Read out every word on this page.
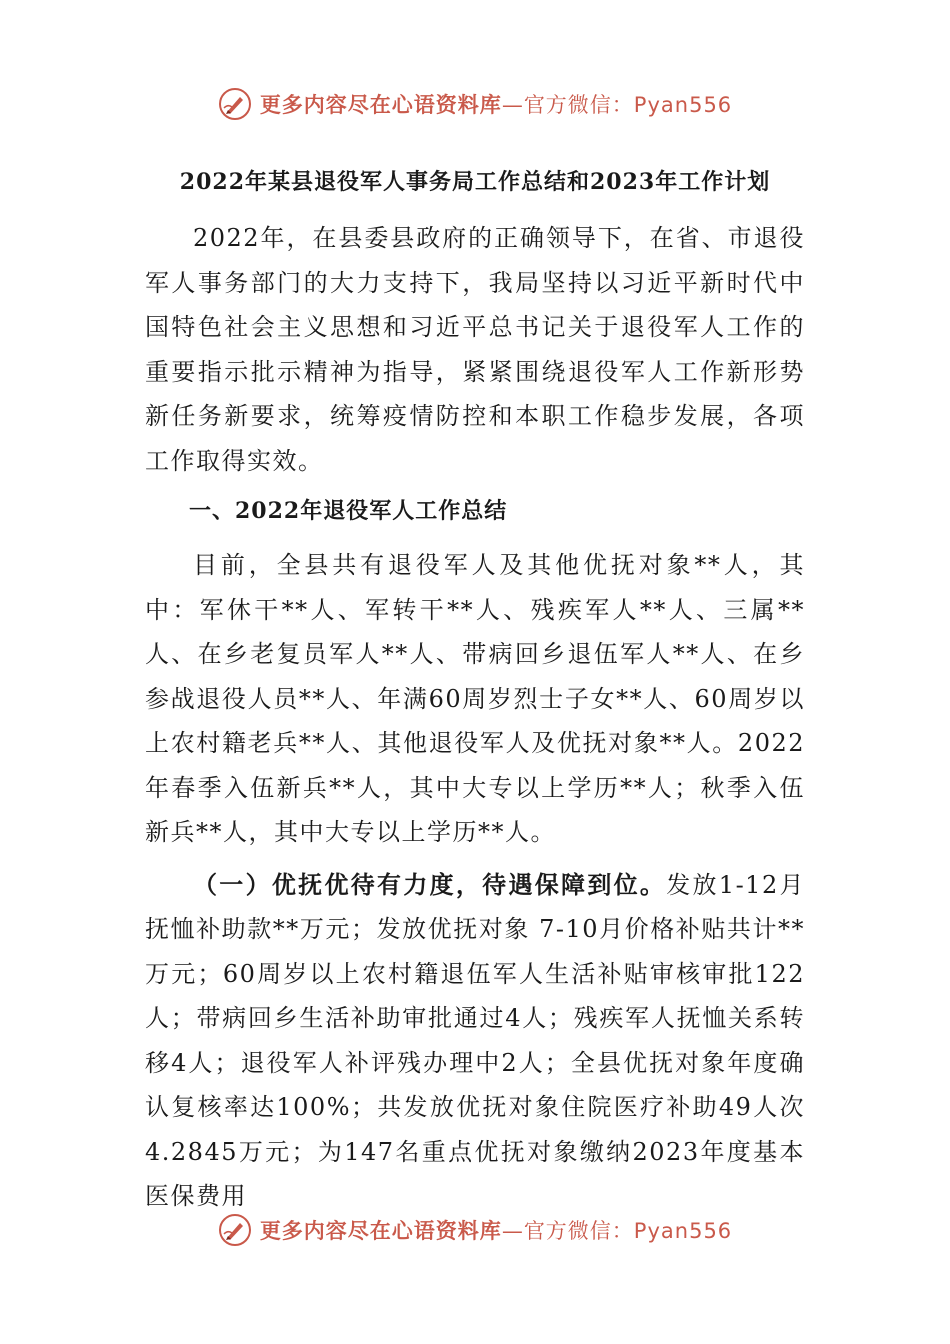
更多内容尽在心语资料库—官方微信：Pyan556
2022年某县退役军人事务局工作总结和2023年工作计划

2022年，在县委县政府的正确领导下，在省、市退役军人事务部门的大力支持下，我局坚持以习近平新时代中国特色社会主义思想和习近平总书记关于退役军人工作的重要指示批示精神为指导，紧紧围绕退役军人工作新形势新任务新要求，统筹疫情防控和本职工作稳步发展，各项工作取得实效。

一、2022年退役军人工作总结

目前，全县共有退役军人及其他优抚对象**人，其中：军休干**人、军转干**人、残疾军人**人、三属**人、在乡老复员军人**人、带病回乡退伍军人**人、在乡参战退役人员**人、年满60周岁烈士子女**人、60周岁以上农村籍老兵**人、其他退役军人及优抚对象**人。2022年春季入伍新兵**人，其中大专以上学历**人；秋季入伍新兵**人，其中大专以上学历**人。

（一）优抚优待有力度，待遇保障到位。发放1-12月抚恤补助款**万元；发放优抚对象 7-10月价格补贴共计**万元；60周岁以上农村籍退伍军人生活补贴审核审批122人；带病回乡生活补助审批通过4人；残疾军人抚恤关系转移4人；退役军人补评残办理中2人；全县优抚对象年度确认复核率达100%；共发放优抚对象住院医疗补助49人次4.2845万元；为147名重点优抚对象缴纳2023年度基本医保费用

更多内容尽在心语资料库—官方微信：Pyan556
